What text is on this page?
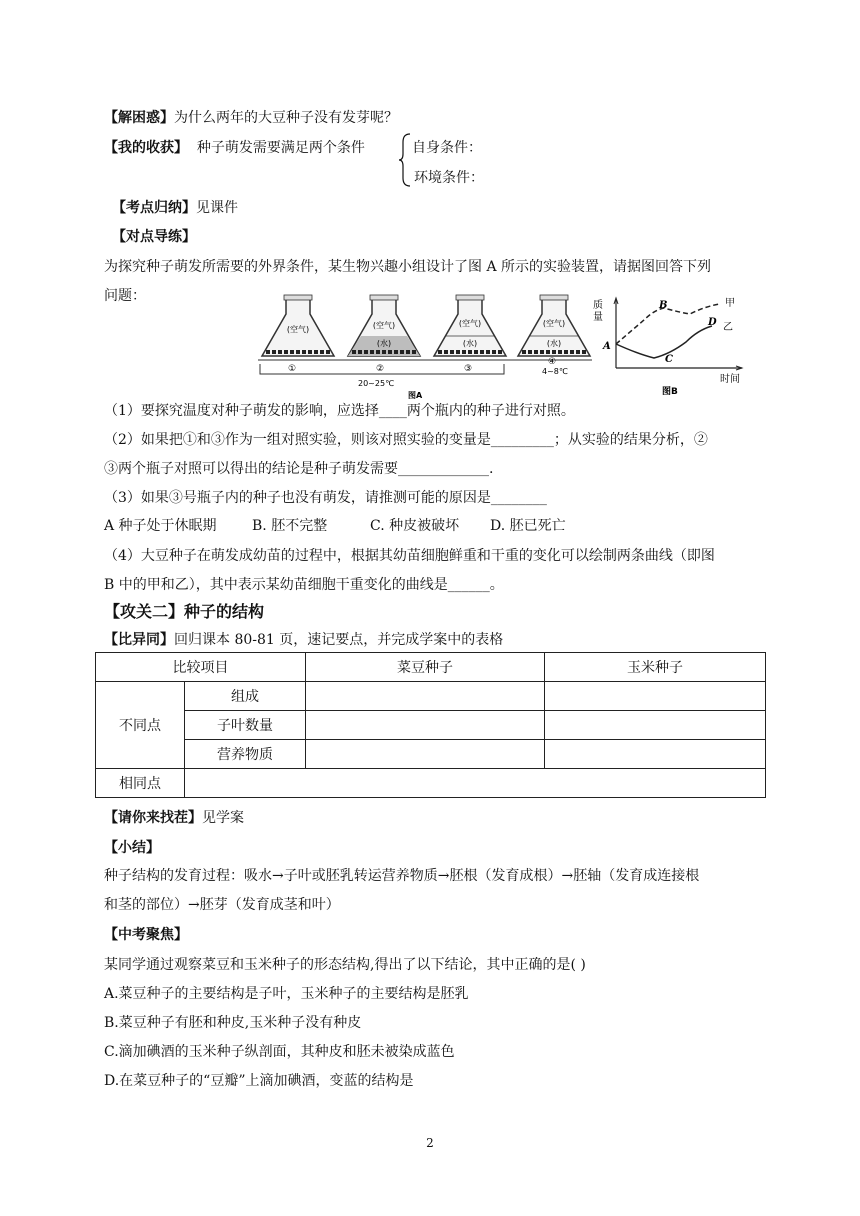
【解困惑】为什么两年的大豆种子没有发芽呢？
【我的收获】 种子萌发需要满足两个条件	自身条件：
环境条件：
【考点归纳】见课件
【对点导练】
为探究种子萌发所需要的外界条件，某生物兴趣小组设计了图 A 所示的实验装置，请据图回答下列
问题：
(空气)	(空气)
(水)
(空气)
(水)
(空气)
(水)
①	②	③
④
20~25℃
4~8℃
图A
质
量
A
B
C
D
甲
乙
时间
图B
（1）要探究温度对种子萌发的影响，应选择____两个瓶内的种子进行对照。
（2）如果把①和③作为一组对照实验，则该对照实验的变量是_________；从实验的结果分析，②
③两个瓶子对照可以得出的结论是种子萌发需要_____________.
（3）如果③号瓶子内的种子也没有萌发，请推测可能的原因是________
A 种子处于休眠期	B. 胚不完整	C. 种皮被破坏 D. 胚已死亡
（4）大豆种子在萌发成幼苗的过程中，根据其幼苗细胞鲜重和干重的变化可以绘制两条曲线（即图
B 中的甲和乙），其中表示某幼苗细胞干重变化的曲线是______。
【攻关二】种子的结构
【比异同】回归课本 80-81 页，速记要点，并完成学案中的表格
比较项目		菜豆种子	玉米种子
不同点	组成		
	子叶数量		
	营养物质		
相同点			
【请你来找茬】见学案
【小结】
种子结构的发育过程：吸水→子叶或胚乳转运营养物质→胚根（发育成根）→胚轴（发育成连接根
和茎的部位）→胚芽（发育成茎和叶）
【中考聚焦】
某同学通过观察菜豆和玉米种子的形态结构,得出了以下结论，其中正确的是( )
A.菜豆种子的主要结构是子叶，玉米种子的主要结构是胚乳
B.菜豆种子有胚和种皮,玉米种子没有种皮
C.滴加碘酒的玉米种子纵剖面，其种皮和胚未被染成蓝色
D.在菜豆种子的“豆瓣”上滴加碘酒，变蓝的结构是
2
